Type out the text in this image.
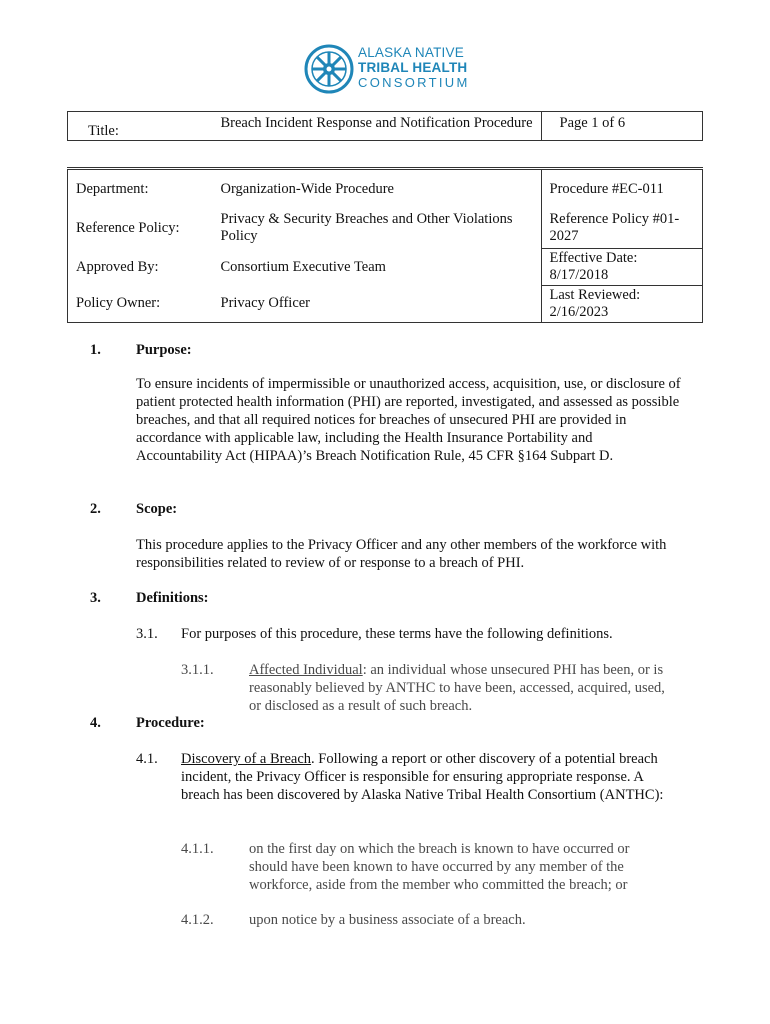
ALASKA NATIVE
TRIBAL HEALTH
CONSORTIUM
Title:	Breach Incident Response and Notification Procedure	Page 1 of 6
Department:	Organization-Wide Procedure	Procedure #EC-011
Reference Policy:	Privacy & Security Breaches and Other Violations Policy	Reference Policy #01-2027
Approved By:	Consortium Executive Team	Effective Date:
8/17/2018

Policy Owner:	Privacy Officer	Last Reviewed:
2/16/2023
1. Purpose:
To ensure incidents of impermissible or unauthorized access, acquisition, use, or disclosure of patient protected health information (PHI) are reported, investigated, and assessed as possible breaches, and that all required notices for breaches of unsecured PHI are provided in accordance with applicable law, including the Health Insurance Portability and Accountability Act (HIPAA)’s Breach Notification Rule, 45 CFR §164 Subpart D.
2. Scope:
This procedure applies to the Privacy Officer and any other members of the workforce with responsibilities related to review of or response to a breach of PHI.
3. Definitions:
3.1. For purposes of this procedure, these terms have the following definitions.
3.1.1. Affected Individual: an individual whose unsecured PHI has been, or is reasonably believed by ANTHC to have been, accessed, acquired, used, or disclosed as a result of such breach.
4. Procedure:
4.1. Discovery of a Breach. Following a report or other discovery of a potential breach incident, the Privacy Officer is responsible for ensuring appropriate response. A breach has been discovered by Alaska Native Tribal Health Consortium (ANTHC):
4.1.1. on the first day on which the breach is known to have occurred or should have been known to have occurred by any member of the workforce, aside from the member who committed the breach; or
4.1.2. upon notice by a business associate of a breach.
